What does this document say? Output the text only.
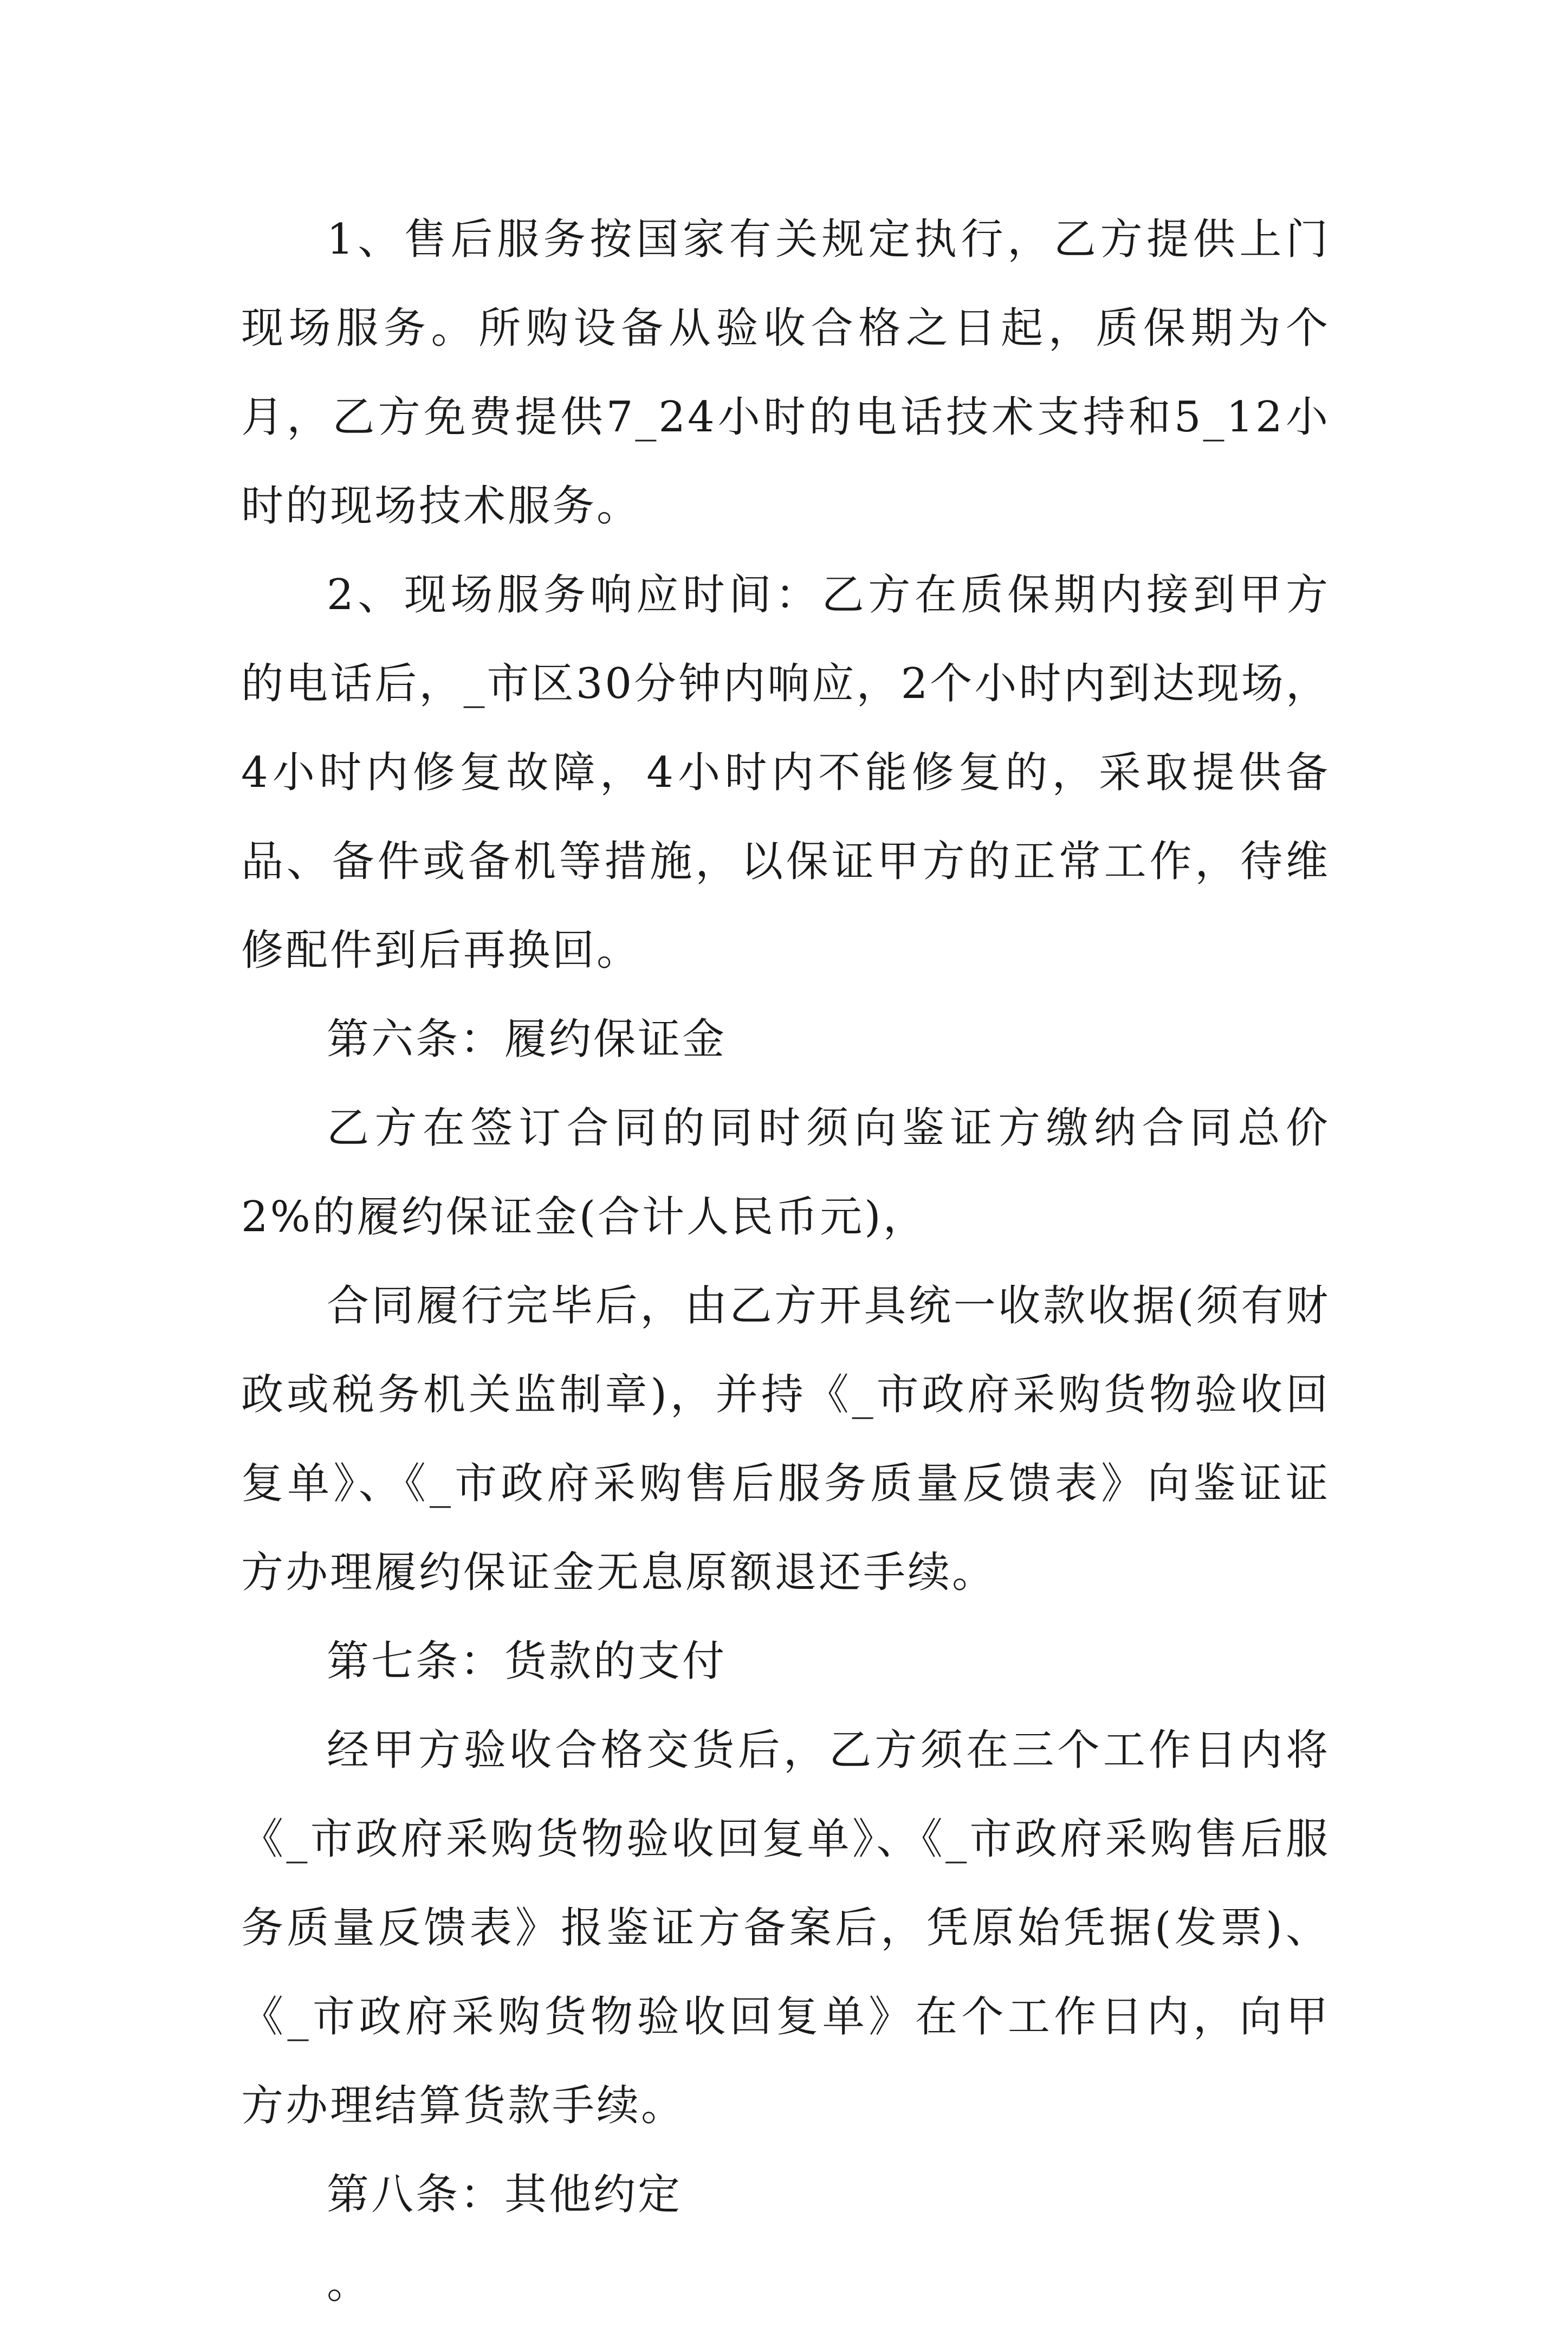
1、售后服务按国家有关规定执行，乙方提供上门现场服务。所购设备从验收合格之日起，质保期为个月，乙方免费提供7_24小时的电话技术支持和5_12小时的现场技术服务。

2、现场服务响应时间：乙方在质保期内接到甲方的电话后，_市区30分钟内响应，2个小时内到达现场，4小时内修复故障，4小时内不能修复的，采取提供备品、备件或备机等措施，以保证甲方的正常工作，待维修配件到后再换回。

第六条：履约保证金

乙方在签订合同的同时须向鉴证方缴纳合同总价2%的履约保证金(合计人民币元)，

合同履行完毕后，由乙方开具统一收款收据(须有财政或税务机关监制章)，并持《_市政府采购货物验收回复单》、《_市政府采购售后服务质量反馈表》向鉴证证方办理履约保证金无息原额退还手续。

第七条：货款的支付

经甲方验收合格交货后，乙方须在三个工作日内将《_市政府采购货物验收回复单》、《_市政府采购售后服务质量反馈表》报鉴证方备案后，凭原始凭据(发票)、《_市政府采购货物验收回复单》在个工作日内，向甲方办理结算货款手续。

第八条：其他约定

。
